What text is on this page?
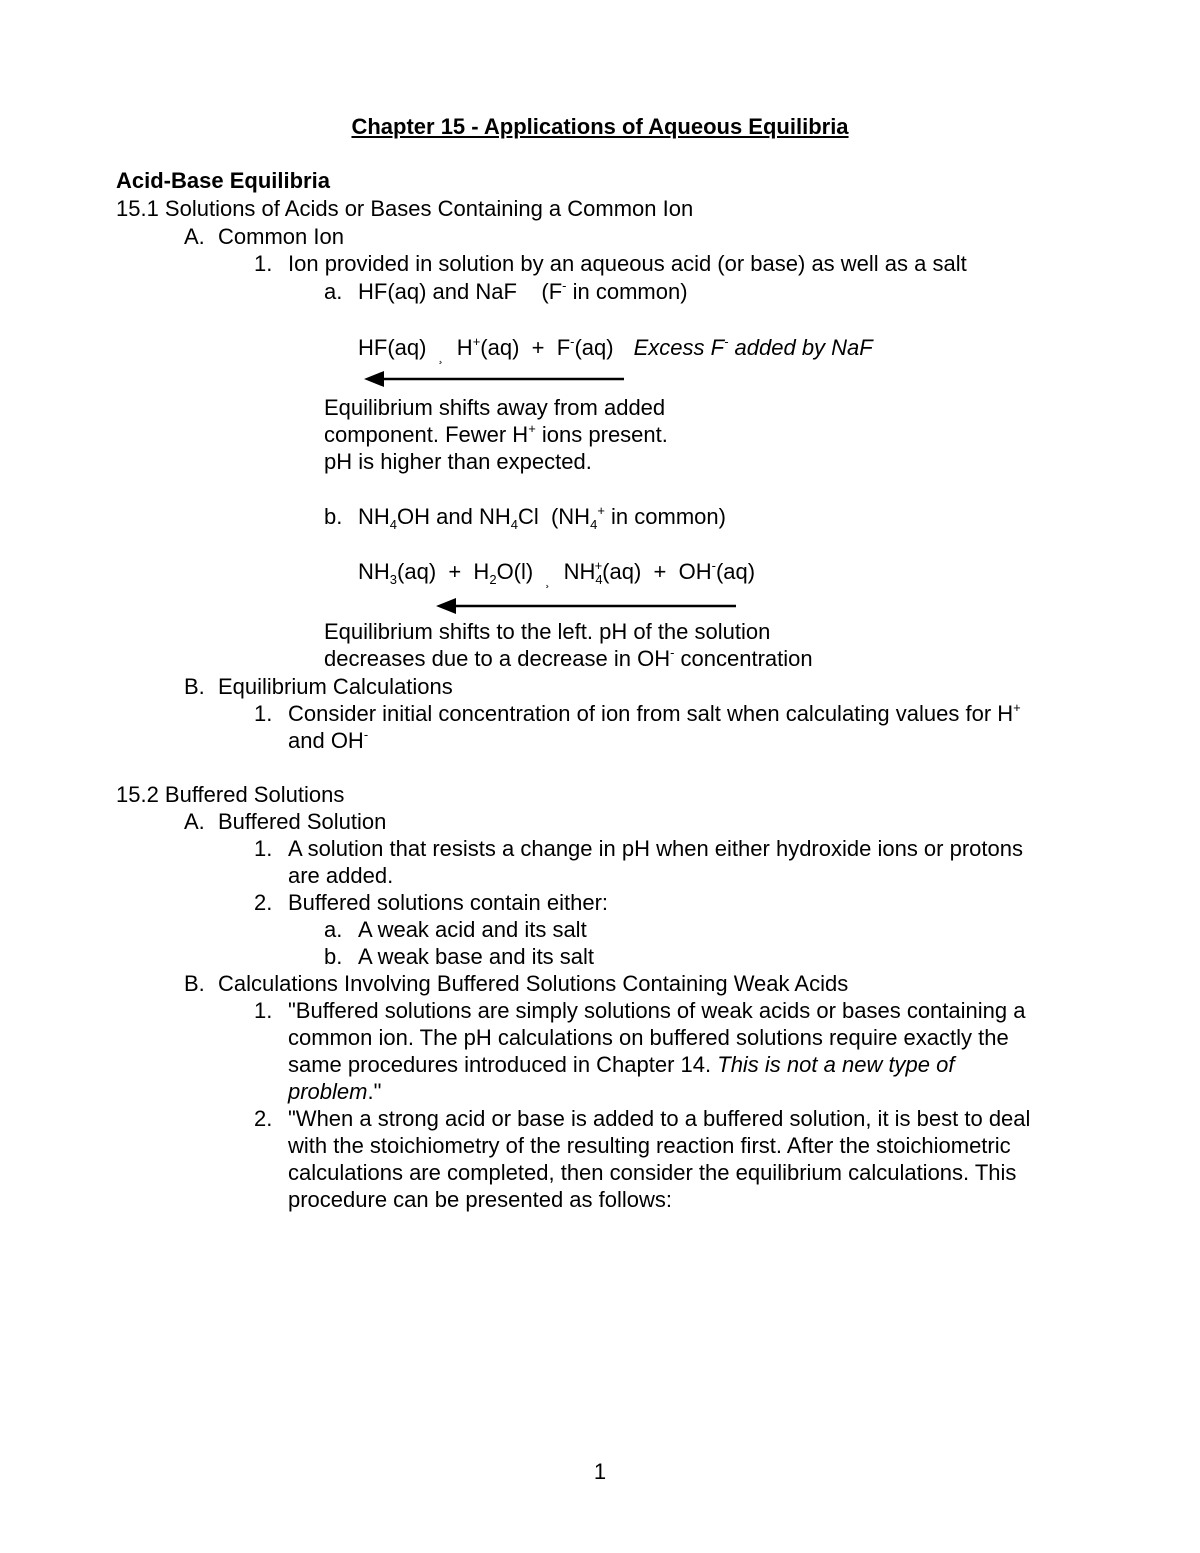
Chapter 15 - Applications of Aqueous Equilibria
Acid-Base Equilibria
15.1 Solutions of Acids or Bases Containing a Common Ion
A. Common Ion
1. Ion provided in solution by an aqueous acid (or base) as well as a salt
a. HF(aq) and NaF    (F- in common)
HF(aq) $_¸$ H+(aq)  +  F-(aq) Excess F- added by NaF
Equilibrium shifts away from added
component. Fewer H+ ions present.
pH is higher than expected.
b. $NH_4OH$ and $NH_4Cl$  ($NH_4^+$ in common)
$NH_3(aq) + H_2O(l)$ $_¸$ $NH_4^+(aq) + OH^-(aq)$
Equilibrium shifts to the left. pH of the solution
decreases due to a decrease in OH- concentration
B. Equilibrium Calculations
1. Consider initial concentration of ion from salt when calculating values for H+
and OH-
15.2 Buffered Solutions
A. Buffered Solution
1. A solution that resists a change in pH when either hydroxide ions or protons
are added.
2. Buffered solutions contain either:
a. A weak acid and its salt
b. A weak base and its salt
B. Calculations Involving Buffered Solutions Containing Weak Acids
1. "Buffered solutions are simply solutions of weak acids or bases containing a
common ion. The pH calculations on buffered solutions require exactly the
same procedures introduced in Chapter 14. This is not a new type of
problem."
2. "When a strong acid or base is added to a buffered solution, it is best to deal
with the stoichiometry of the resulting reaction first. After the stoichiometric
calculations are completed, then consider the equilibrium calculations. This
procedure can be presented as follows:
1
